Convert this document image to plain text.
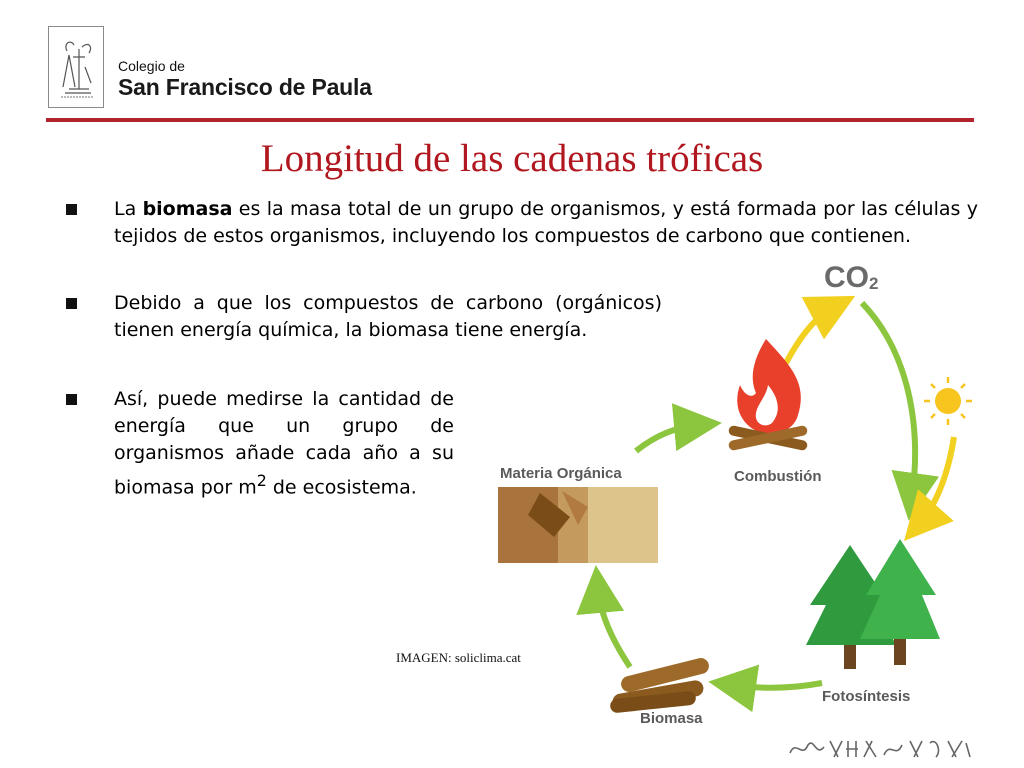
Colegio de
San Francisco de Paula
Longitud de las cadenas tróficas

La biomasa es la masa total de un grupo de organismos, y está formada por las células y tejidos de estos organismos, incluyendo los compuestos de carbono que contienen.

Debido a que los compuestos de carbono (orgánicos) tienen energía química, la biomasa tiene energía.

Así, puede medirse la cantidad de energía que un grupo de organismos añade cada año a su biomasa por $m^2$ de ecosistema.

IMAGEN: soliclima.cat
$CO_2$
Combustión
Materia Orgánica
Fotosíntesis
Biomasa
